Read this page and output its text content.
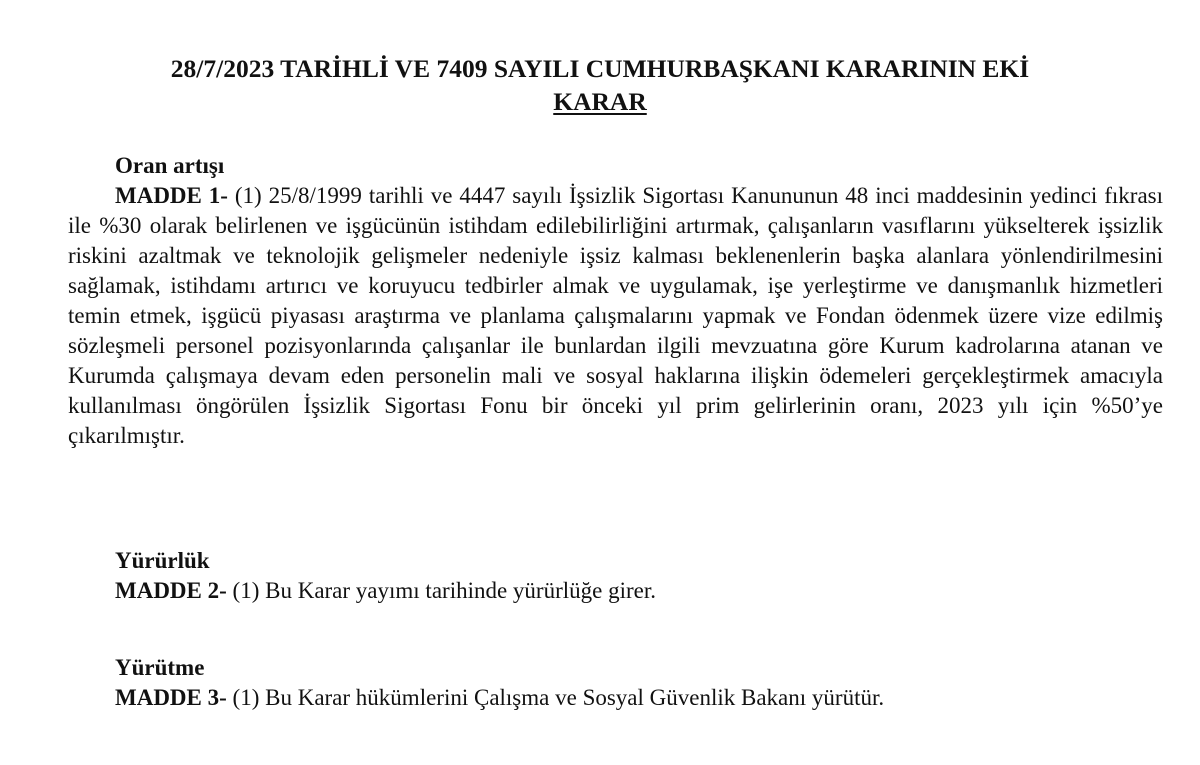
28/7/2023 TARİHLİ VE 7409 SAYILI CUMHURBAŞKANI KARARININ EKİ

KARAR

Oran artışı

MADDE 1- (1) 25/8/1999 tarihli ve 4447 sayılı İşsizlik Sigortası Kanununun 48 inci maddesinin yedinci fıkrası ile %30 olarak belirlenen ve işgücünün istihdam edilebilirliğini artırmak, çalışanların vasıflarını yükselterek işsizlik riskini azaltmak ve teknolojik gelişmeler nedeniyle işsiz kalması beklenenlerin başka alanlara yönlendirilmesini sağlamak, istihdamı artırıcı ve koruyucu tedbirler almak ve uygulamak, işe yerleştirme ve danışmanlık hizmetleri temin etmek, işgücü piyasası araştırma ve planlama çalışmalarını yapmak ve Fondan ödenmek üzere vize edilmiş sözleşmeli personel pozisyonlarında çalışanlar ile bunlardan ilgili mevzuatına göre Kurum kadrolarına atanan ve Kurumda çalışmaya devam eden personelin mali ve sosyal haklarına ilişkin ödemeleri gerçekleştirmek amacıyla kullanılması öngörülen İşsizlik Sigortası Fonu bir önceki yıl prim gelirlerinin oranı, 2023 yılı için %50’ye çıkarılmıştır.

Yürürlük

MADDE 2- (1) Bu Karar yayımı tarihinde yürürlüğe girer.

Yürütme

MADDE 3- (1) Bu Karar hükümlerini Çalışma ve Sosyal Güvenlik Bakanı yürütür.
